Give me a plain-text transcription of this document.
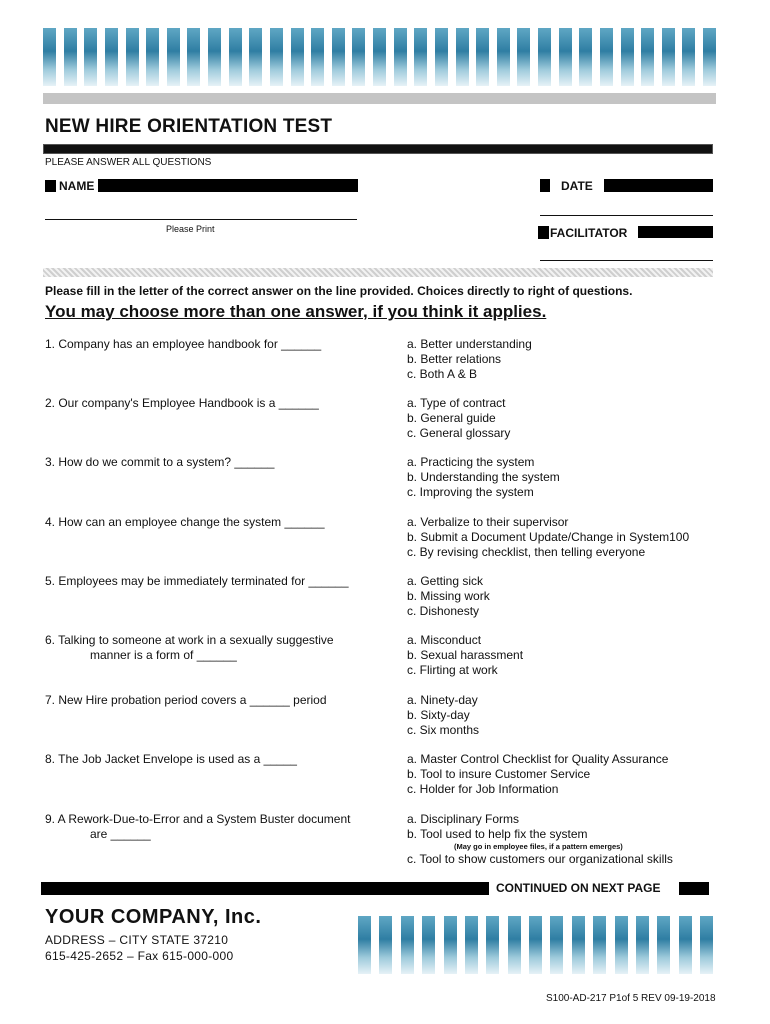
NEW HIRE ORIENTATION TEST
PLEASE ANSWER ALL QUESTIONS
NAME
Please Print
DATE
FACILITATOR
Please fill in the letter of the correct answer on the line provided. Choices directly to right of questions.
You may choose more than one answer, if you think it applies.
1. Company has an employee handbook for ______	a. Better understanding
b. Better relations
c. Both A & B
2. Our company's Employee Handbook is a ______	a. Type of contract
b. General guide
c. General glossary
3. How do we commit to a system? ______	a. Practicing the system
b. Understanding the system
c. Improving the system
4. How can an employee change the system ______	a. Verbalize to their supervisor
b. Submit a Document Update/Change in System100
c. By revising checklist, then telling everyone
5. Employees may be immediately terminated for ______	a. Getting sick
b. Missing work
c. Dishonesty
6. Talking to someone at work in a sexually suggestive
manner is a form of ______
a. Misconduct
b. Sexual harassment
c. Flirting at work
7. New Hire probation period covers a ______ period	a. Ninety-day
b. Sixty-day
c. Six months
8. The Job Jacket Envelope is used as a _____	a. Master Control Checklist for Quality Assurance
b. Tool to insure Customer Service
c. Holder for Job Information
9. A Rework-Due-to-Error and a System Buster document
are ______
a. Disciplinary Forms
b. Tool used to help fix the system
(May go in employee files, if a pattern emerges)
c. Tool to show customers our organizational skills
CONTINUED ON NEXT PAGE
YOUR COMPANY, Inc.
ADDRESS – CITY STATE 37210
615-425-2652 – Fax 615-000-000
S100-AD-217 P1of 5 REV 09-19-2018
